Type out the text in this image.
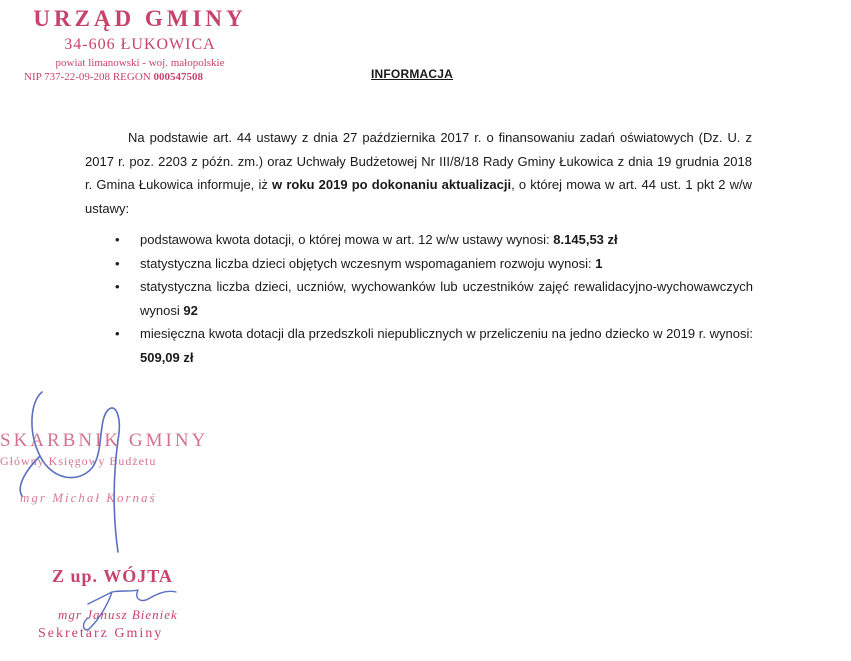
URZĄD GMINY
34-606 ŁUKOWICA
powiat limanowski - woj. małopolskie
NIP 737-22-09-208 REGON 000547508	INFORMACJA

Na podstawie art. 44 ustawy z dnia 27 października 2017 r. o finansowaniu zadań oświatowych (Dz. U. z 2017 r. poz. 2203 z późn. zm.) oraz Uchwały Budżetowej Nr III/8/18 Rady Gminy Łukowica z dnia 19 grudnia 2018 r. Gmina Łukowica informuje, iż w roku 2019 po dokonaniu aktualizacji, o której mowa w art. 44 ust. 1 pkt 2 w/w ustawy:

• podstawowa kwota dotacji, o której mowa w art. 12 w/w ustawy wynosi: 8.145,53 zł
• statystyczna liczba dzieci objętych wczesnym wspomaganiem rozwoju wynosi: 1
• statystyczna liczba dzieci, uczniów, wychowanków lub uczestników zajęć rewalidacyjno-wychowawczych wynosi 92
• miesięczna kwota dotacji dla przedszkoli niepublicznych w przeliczeniu na jedno dziecko w 2019 r. wynosi: 509,09 zł
SKARBNIK GMINY
Główny Księgowy Budżetu
mgr Michał Kornaś
Z up. WÓJTA
mgr Janusz Bieniek
Sekretarz Gminy
